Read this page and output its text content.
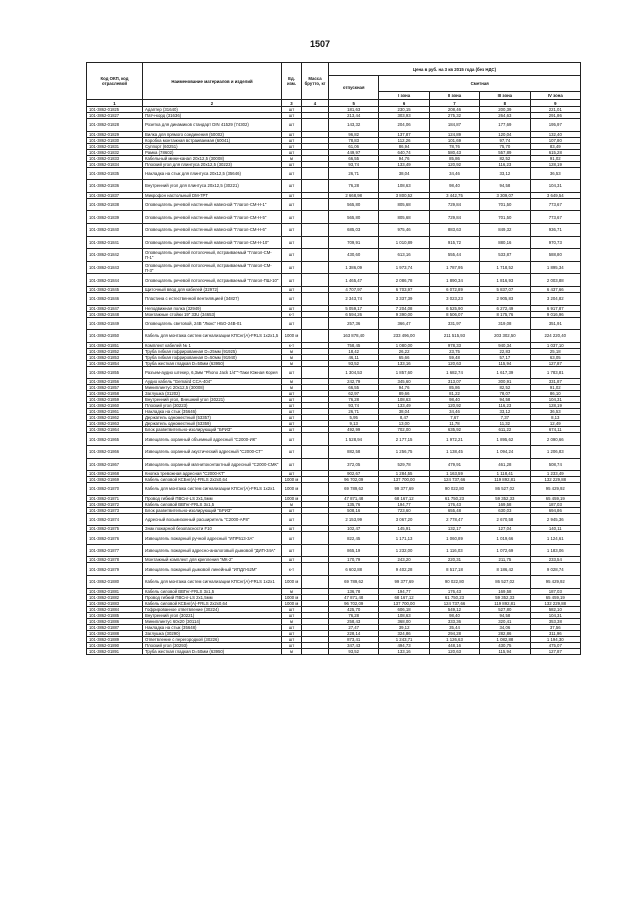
1507
Код ОКП, код отраслевой	Наименование материалов и изделий	Ед. изм.	Масса брутто, кг	Цена в руб. на 3 кв 2015 года (без НДС)				
				отпускная	Сметная			
					I зона	II зона	III зона	IV зона
1	2	3	4	5	6	7	8	9
101-3862-01825	Адаптер (31640)	шт		181,63	230,15	208,46	200,39	221,01
101-3862-01827	Патч-корд (31636)	шт		213,44	303,93	275,32	264,63	291,86
101-3862-01828	Розетка для динамиков стандарт DIN 41529 (74302)	шт		143,32	204,06	184,87	177,69	195,97
101-3862-01829	Вилка для прямого соединения (50002)	шт		96,82	137,87	124,89	120,04	132,40
101-3862-01830	Коробка монтажная встраиваемая (60041)	шт		78,83	112,26	101,69	97,74	107,80
101-3862-01831	Суппорт (60251)	шт		61,06	86,94	78,76	75,70	83,49
101-3862-01832	Рамка (78602)	шт		449,97	640,74	580,43	557,89	615,28
101-3862-01833	Кабельный мини-канал 20x12,5 (30008)	м		66,55	94,76	85,86	82,52	91,02
101-3862-01834	Плоский угол для плинтуса 20x12,5 (30223)	шт		93,74	133,49	120,92	116,23	128,19
101-3862-01835	Накладка на стык для плинтуса 20x12,5 (35646)	шт		26,71	38,04	34,46	33,12	36,53
101-3862-01836	Внутренний угол для плинтуса 20x12,5 (30221)	шт		76,28	108,63	98,40	94,58	104,31
101-3862-01837	Микрофон настольный DM-7PT	шт		2 668,98	3 800,52	3 442,75	3 309,07	3 649,54
101-3862-01838	Оповещатель речевой настенный навесной "Глагол-СМ-Н-1"	шт		565,80	805,68	729,84	701,50	773,67
101-3862-01839	Оповещатель речевой настенный навесной "Глагол-СМ-Н-5"	шт		565,80	805,68	729,84	701,50	773,67
101-3862-01840	Оповещатель речевой настенный навесной "Глагол-СМ-Н-6"	шт		685,03	975,46	883,63	849,32	936,71
101-3862-01841	Оповещатель речевой настенный навесной "Глагол-СМ-Н-10"	шт		709,91	1 010,89	915,72	880,16	970,73
101-3862-01842	Оповещатель речевой потолочный, встраиваемый "Глагол-СМ-П-1"	шт		430,60	613,16	555,44	533,87	588,80
101-3862-01843	Оповещатель речевой потолочный, встраиваемый "Глагол-СМ-П-3"	шт		1 386,09	1 973,74	1 787,95	1 718,52	1 895,34
101-3862-01844	Оповещатель речевой потолочный, встраиваемый "Глагол-ПШ-10"	шт		1 465,47	2 086,78	1 890,34	1 816,93	2 003,88
101-3862-01845	Щиточный ввод для кабелей (32972)	шт		4 707,97	6 703,97	6 072,89	5 837,07	6 437,66
101-3862-01846	Пластина с естественной вентиляцией (34827)	шт		2 343,74	3 337,39	3 023,23	2 905,83	3 204,82
101-3862-01847	Неподвижная полка (32949)	шт		5 059,17	7 204,08	6 525,90	6 272,49	6 917,87
101-3862-01848	Монтажные стойки 19" 33U (34653)	к-т		6 594,26	9 390,00	8 506,07	8 175,76	9 016,96
101-3862-01849	Оповещатель световой, 24В "Люкс" НБО-24В-01	шт		257,36	366,47	331,97	319,08	351,91
101-3862-01850	Кабель для монтажа систем сигнализации КПСнг(А)-FRLS 1x2x1,5	1000 м		163 878,40	233 496,00	211 515,93	203 302,50	224 220,40
101-3862-01851	Комплект кабелей № 1	к-т		758,45	1 080,00	978,33	940,34	1 037,10
101-3862-01852	Труба гибкая гофрированная D=25мм (91925)	м		18,42	26,22	23,75	22,83	25,18
101-3862-01853	Труба гибкая гофрированная D=50мм (91940)	м		46,11	65,66	59,48	57,17	63,05
101-3862-01854	Труба жесткая гладкая D=50мм (63950)	м		93,52	133,16	120,63	115,94	127,87
101-3862-01855	Разъем-аудио штекер, 6,3мм "Phono Jack 1/4""-Таки Южная Корея	шт		1 304,53	1 857,60	1 682,74	1 617,39	1 783,81
101-3862-01856	Аудио кабель "Gemaird CCA-404"	м		242,79	345,60	313,07	300,91	331,87
101-3862-01857	Миниплинтус 20x12,5 (30008)	м		66,55	94,76	85,86	82,52	91,02
101-3862-01858	Заглушка (31202)	шт		62,97	89,66	81,22	78,07	86,10
101-3862-01859	Внутренний угол, Внешний угол (30221)	шт		76,28	108,63	98,40	94,58	104,31
101-3862-01860	Плоский угол (30223)	шт		93,74	133,49	120,92	116,23	128,19
101-3862-01861	Накладка на стык (35646)	шт		26,71	38,04	34,46	33,12	36,53
101-3862-01862	Держатель одноместный (53357)	шт		5,95	8,47	7,67	7,37	8,13
101-3862-01863	Держатель одноместный (53359)	шт		9,13	13,00	11,78	11,32	12,49
101-3862-01864	Блок разветвительно-изолирующий "БРИЗ"	шт		492,99	702,00	635,92	611,22	674,11
101-3862-01865	Извещатель охранный объемный адресный "С2000-ИК"	шт		1 528,94	2 177,15	1 972,21	1 895,62	2 090,66
101-3862-01866	Извещатель охранный акустический адресный "С2000-СТ"	шт		882,58	1 256,75	1 138,45	1 094,24	1 206,83
101-3862-01867	Извещатель охранный магнитоконтактный адресный "С2000-СМК"	шт		372,05	529,78	479,91	461,28	508,74
101-3862-01868	Кнопка тревожная адресная "С2000-КТ"	шт		902,67	1 284,55	1 163,59	1 118,41	1 233,49
101-3862-01869	Кабель силовой КСБнг(А)-FRLS 2x2x0,64	1000 м		96 702,09	137 700,00	124 737,66	119 892,81	132 229,88
101-3862-01870	Кабель для монтажа систем сигнализации КПСнг(А)-FRLS 1x2x1	1000 м		69 789,62	99 377,69	90 022,80	86 527,02	95 429,92
101-3862-01871	Провод гибкий ПВСнг-LS 2x1,5мм	1000 м		47 871,48	68 167,12	61 750,23	59 352,33	65 459,19
101-3862-01872	Кабель силовой ВВГнг-FRLS 3x1,5	м		135,76	194,77	176,43	169,58	187,03
101-3862-01873	Блок разветвительно-изолирующий "БРИЗ"	шт		508,16	723,60	655,48	630,03	694,86
101-3862-01874	Адресный восьмизонный расширитель "С2000-АР8"	шт		2 153,99	3 067,20	2 778,47	2 670,58	2 945,36
101-3862-01875	Знак пожарной безопасности F10	шт		102,47	145,91	132,17	127,04	140,11
101-3862-01876	Извещатель пожарный ручной адресный "ИПР513-3А"	шт		822,45	1 171,13	1 060,89	1 019,66	1 124,61
101-3862-01877	Извещатель пожарный адресно-аналоговый дымовой "ДИП-34А"	шт		865,19	1 232,00	1 116,03	1 072,69	1 183,06
101-3862-01878	Монтажный комплект для крепления "МК-2"	шт		170,79	243,20	220,31	211,75	233,54
101-3862-01879	Извещатель пожарный дымовой линейный "ИПДЛ-52М"	к-т		6 602,88	9 402,28	8 517,18	8 186,42	9 028,74
101-3862-01880	Кабель для монтажа систем сигнализации КПСнг(А)-FRLS 1x2x1	1000 м		69 789,62	99 377,69	90 022,80	86 527,02	95 429,92
101-3862-01881	Кабель силовой ВВГнг-FRLS 3x1,5	м		136,78	194,77	176,43	169,58	187,03
101-3862-01882	Провод гибкий ПВСнг-LS 2x1,5мм	1000 м		47 871,48	68 167,12	61 750,23	59 352,33	65 459,19
101-3862-01883	Кабель силовой КСБнг(А)-FRLS 2x2x0,64	1000 м		96 702,09	137 700,00	124 737,66	119 892,81	132 229,88
101-3862-01884	Гофрированное ответвление (30224)	шт		425,70	606,18	549,12	527,80	582,10
101-3862-01885	Внутренний угол (30221)	шт		76,28	108,63	98,40	94,58	104,31
101-3862-01886	Миниплинтус 60x20 (30114)	м		258,43	368,00	333,36	320,41	353,38
101-3862-01887	Накладка на стык (35648)	шт		27,47	39,12	35,44	34,06	37,56
101-3862-01888	Заглушка (30290)	шт		228,14	324,86	294,28	282,86	311,96
101-3862-01889	Ответвление с перегородкой (30226)	шт		873,41	1 243,71	1 126,63	1 082,88	1 194,30
101-3862-01890	Плоский угол (30293)	шт		347,43	494,73	448,16	430,75	475,07
101-3862-01891	Труба жесткая гладкая D=50мм (63950)	м		93,52	133,16	120,63	115,94	127,87
